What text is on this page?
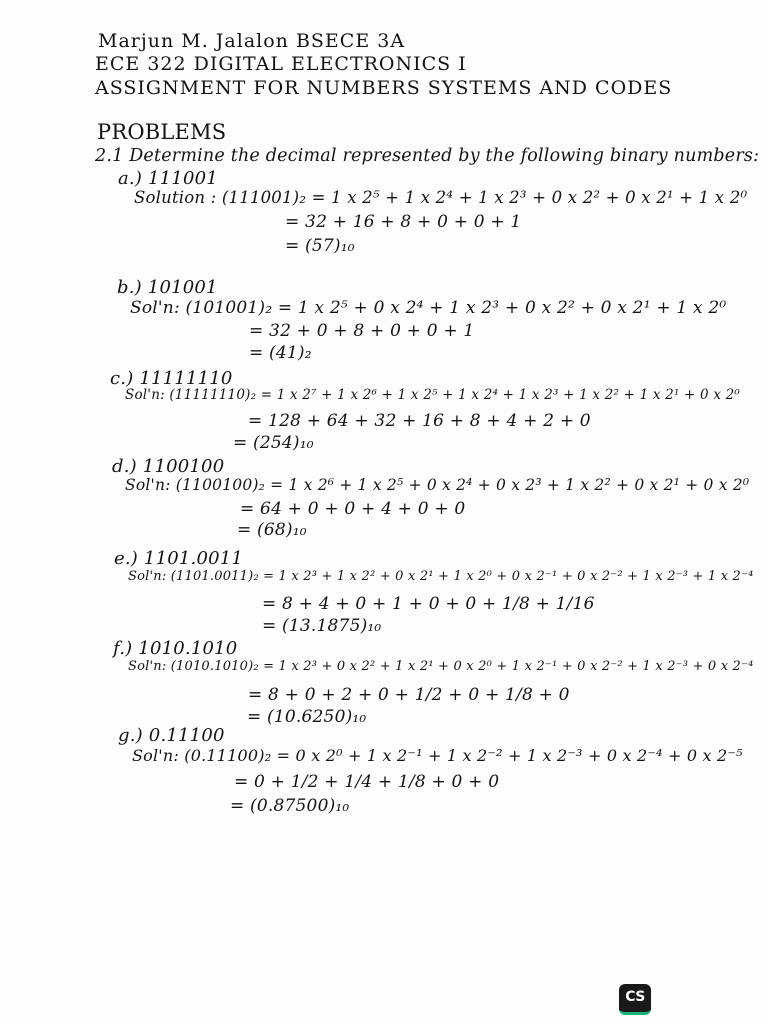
Marjun M. Jalalon BSECE 3A
ECE 322 DIGITAL ELECTRONICS I
ASSIGNMENT FOR NUMBERS SYSTEMS AND CODES
PROBLEMS
2.1 Determine the decimal represented by the following binary numbers:
a.) 111001
Solution : (111001)₂ = 1 x 2⁵ + 1 x 2⁴ + 1 x 2³ + 0 x 2² + 0 x 2¹ + 1 x 2⁰
= 32 + 16 + 8 + 0 + 0 + 1
= (57)₁₀
b.) 101001
Sol'n: (101001)₂ = 1 x 2⁵ + 0 x 2⁴ + 1 x 2³ + 0 x 2² + 0 x 2¹ + 1 x 2⁰
= 32 + 0 + 8 + 0 + 0 + 1
= (41)₂
c.) 11111110
Sol'n: (11111110)₂ = 1 x 2⁷ + 1 x 2⁶ + 1 x 2⁵ + 1 x 2⁴ + 1 x 2³ + 1 x 2² + 1 x 2¹ + 0 x 2⁰
= 128 + 64 + 32 + 16 + 8 + 4 + 2 + 0
= (254)₁₀
d.) 1100100
Sol'n: (1100100)₂ = 1 x 2⁶ + 1 x 2⁵ + 0 x 2⁴ + 0 x 2³ + 1 x 2² + 0 x 2¹ + 0 x 2⁰
= 64 + 0 + 0 + 4 + 0 + 0
= (68)₁₀
e.) 1101.0011
Sol'n: (1101.0011)₂ = 1 x 2³ + 1 x 2² + 0 x 2¹ + 1 x 2⁰ + 0 x 2⁻¹ + 0 x 2⁻² + 1 x 2⁻³ + 1 x 2⁻⁴
= 8 + 4 + 0 + 1 + 0 + 0 + 1/8 + 1/16
= (13.1875)₁₀
f.) 1010.1010
Sol'n: (1010.1010)₂ = 1 x 2³ + 0 x 2² + 1 x 2¹ + 0 x 2⁰ + 1 x 2⁻¹ + 0 x 2⁻² + 1 x 2⁻³ + 0 x 2⁻⁴
= 8 + 0 + 2 + 0 + 1/2 + 0 + 1/8 + 0
= (10.6250)₁₀
g.) 0.11100
Sol'n: (0.11100)₂ = 0 x 2⁰ + 1 x 2⁻¹ + 1 x 2⁻² + 1 x 2⁻³ + 0 x 2⁻⁴ + 0 x 2⁻⁵
= 0 + 1/2 + 1/4 + 1/8 + 0 + 0
= (0.87500)₁₀
CS
